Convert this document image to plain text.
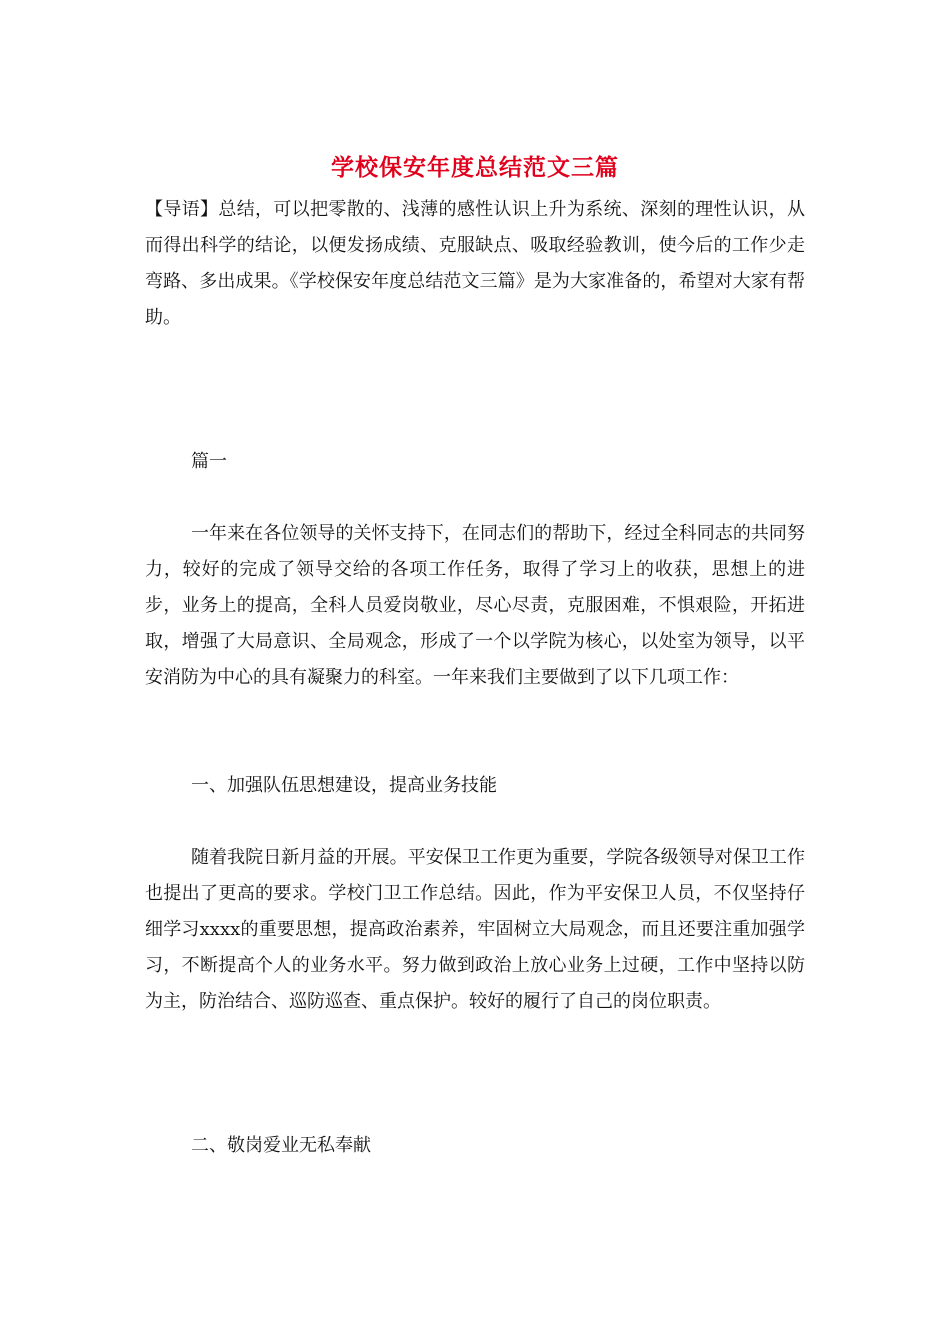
学校保安年度总结范文三篇
【导语】总结，可以把零散的、浅薄的感性认识上升为系统、深刻的理性认识，从而得出科学的结论，以便发扬成绩、克服缺点、吸取经验教训，使今后的工作少走弯路、多出成果。《学校保安年度总结范文三篇》是为大家准备的，希望对大家有帮助。
篇一
一年来在各位领导的关怀支持下，在同志们的帮助下，经过全科同志的共同努力，较好的完成了领导交给的各项工作任务，取得了学习上的收获，思想上的进步，业务上的提高，全科人员爱岗敬业，尽心尽责，克服困难，不惧艰险，开拓进取，增强了大局意识、全局观念，形成了一个以学院为核心，以处室为领导，以平安消防为中心的具有凝聚力的科室。一年来我们主要做到了以下几项工作：
一、加强队伍思想建设，提高业务技能
随着我院日新月益的开展。平安保卫工作更为重要，学院各级领导对保卫工作也提出了更高的要求。学校门卫工作总结。因此，作为平安保卫人员，不仅坚持仔细学习xxxx的重要思想，提高政治素养，牢固树立大局观念，而且还要注重加强学习，不断提高个人的业务水平。努力做到政治上放心业务上过硬，工作中坚持以防为主，防治结合、巡防巡查、重点保护。较好的履行了自己的岗位职责。
二、敬岗爱业无私奉献
